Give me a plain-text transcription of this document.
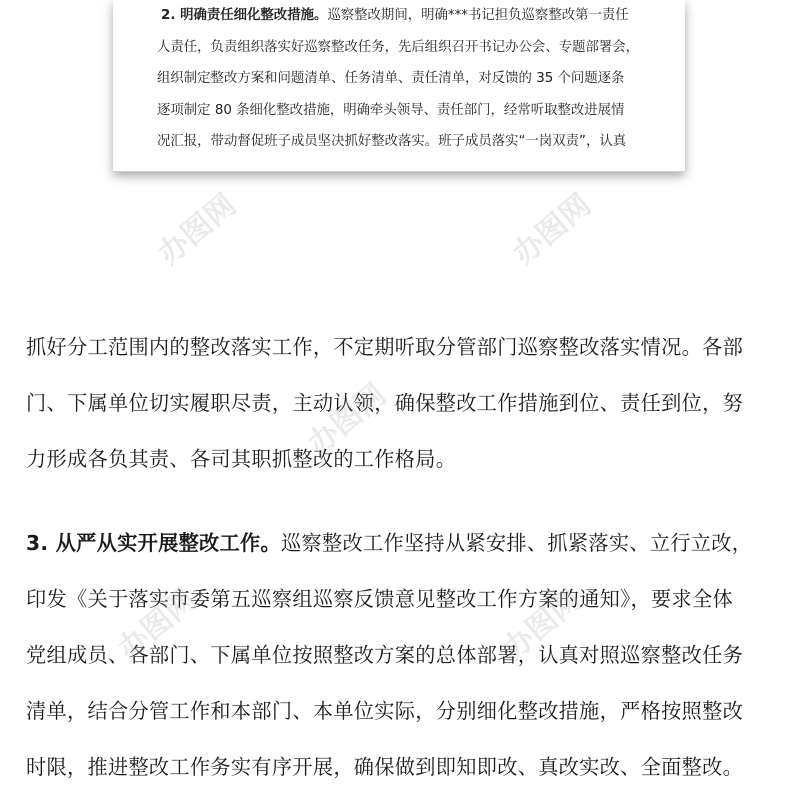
2. 明确责任细化整改措施。巡察整改期间，明确***书记担负巡察整改第一责任
人责任，负责组织落实好巡察整改任务，先后组织召开书记办公会、专题部署会，
组织制定整改方案和问题清单、任务清单、责任清单，对反馈的 35 个问题逐条
逐项制定 80 条细化整改措施，明确牵头领导、责任部门，经常听取整改进展情
况汇报，带动督促班子成员坚决抓好整改落实。班子成员落实“一岗双责”，认真
抓好分工范围内的整改落实工作，不定期听取分管部门巡察整改落实情况。各部
门、下属单位切实履职尽责，主动认领，确保整改工作措施到位、责任到位，努
力形成各负其责、各司其职抓整改的工作格局。
3. 从严从实开展整改工作。巡察整改工作坚持从紧安排、抓紧落实、立行立改，
印发《关于落实市委第五巡察组巡察反馈意见整改工作方案的通知》，要求全体
党组成员、各部门、下属单位按照整改方案的总体部署，认真对照巡察整改任务
清单，结合分管工作和本部门、本单位实际，分别细化整改措施，严格按照整改
时限，推进整改工作务实有序开展，确保做到即知即改、真改实改、全面整改。
办图网	办图网
办图网
办图网	办图网
